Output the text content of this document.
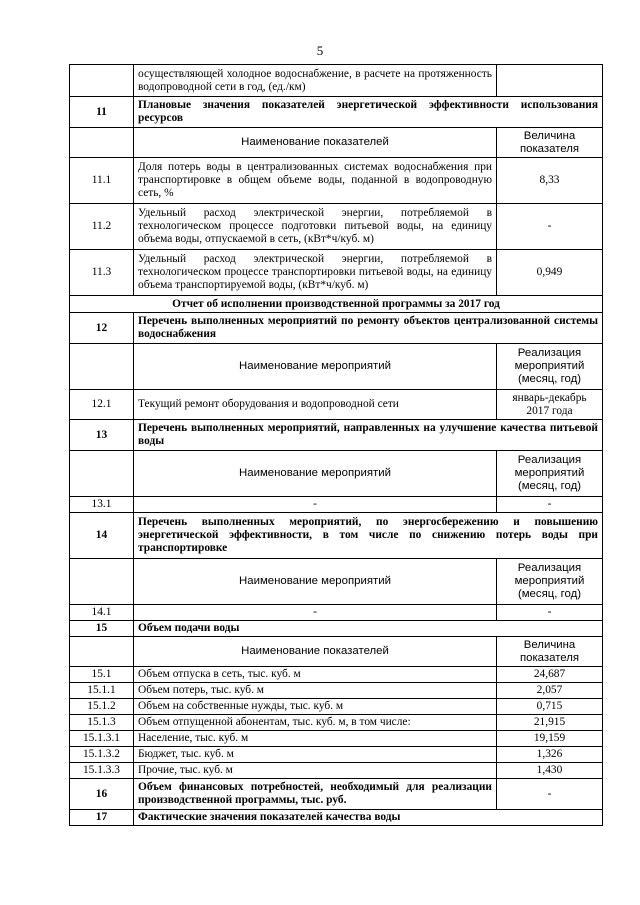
5
	осуществляющей холодное водоснабжение, в расчете на протяженность водопроводной сети в год, (ед./км)	
11	Плановые значения показателей энергетической эффективности использования ресурсов	
	Наименование показателей	Величина показателя
11.1	Доля потерь воды в централизованных системах водоснабжения при транспортировке в общем объеме воды, поданной в водопроводную сеть, %	8,33
11.2	Удельный расход электрической энергии, потребляемой в технологическом процессе подготовки питьевой воды, на единицу объема воды, отпускаемой в сеть, (кВт*ч/куб. м)	-
11.3	Удельный расход электрической энергии, потребляемой в технологическом процессе транспортировки питьевой воды, на единицу объема транспортируемой воды, (кВт*ч/куб. м)	0,949
Отчет об исполнении производственной программы за 2017 год		
12	Перечень выполненных мероприятий по ремонту объектов централизованной системы водоснабжения	
	Наименование мероприятий	Реализация мероприятий (месяц, год)
12.1	Текущий ремонт оборудования и водопроводной сети	январь-декабрь 2017 года
13	Перечень выполненных мероприятий, направленных на улучшение качества питьевой воды	
	Наименование мероприятий	Реализация мероприятий (месяц, год)
13.1	-	-
14	Перечень выполненных мероприятий, по энергосбережению и повышению энергетической эффективности, в том числе по снижению потерь воды при транспортировке	
	Наименование мероприятий	Реализация мероприятий (месяц, год)
14.1	-	-
15	Объем подачи воды	
	Наименование показателей	Величина показателя
15.1	Объем отпуска в сеть, тыс. куб. м	24,687
15.1.1	Объем потерь, тыс. куб. м	2,057
15.1.2	Объем на собственные нужды, тыс. куб. м	0,715
15.1.3	Объем отпущенной абонентам, тыс. куб. м, в том числе:	21,915
15.1.3.1	Население, тыс. куб. м	19,159
15.1.3.2	Бюджет, тыс. куб. м	1,326
15.1.3.3	Прочие, тыс. куб. м	1,430
16	Объем финансовых потребностей, необходимый для реализации производственной программы, тыс. руб.	-
17	Фактические значения показателей качества воды	
